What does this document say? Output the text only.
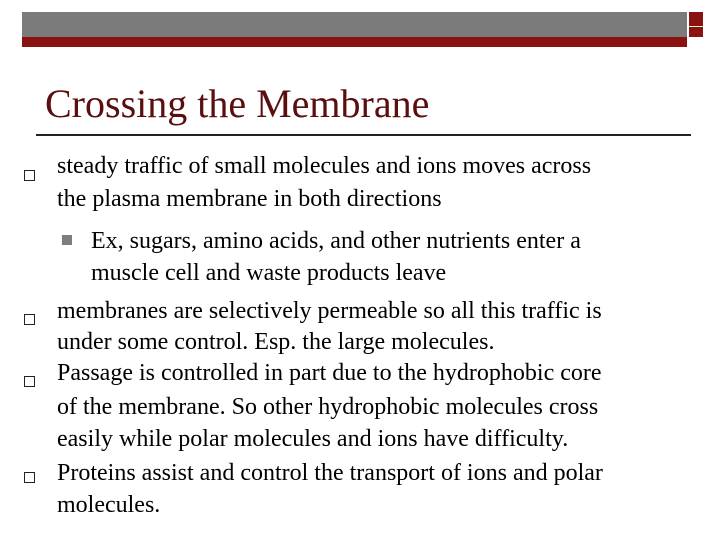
Crossing the Membrane
steady traffic of small molecules and ions moves across
the plasma membrane in both directions
Ex, sugars, amino acids, and other nutrients enter a
muscle cell and waste products leave
membranes are selectively permeable so all this traffic is
under some control. Esp. the large molecules.
Passage is controlled in part due to the hydrophobic core
of the membrane. So other hydrophobic molecules cross
easily while polar molecules and ions have difficulty.
Proteins assist and control the transport of ions and polar
molecules.
